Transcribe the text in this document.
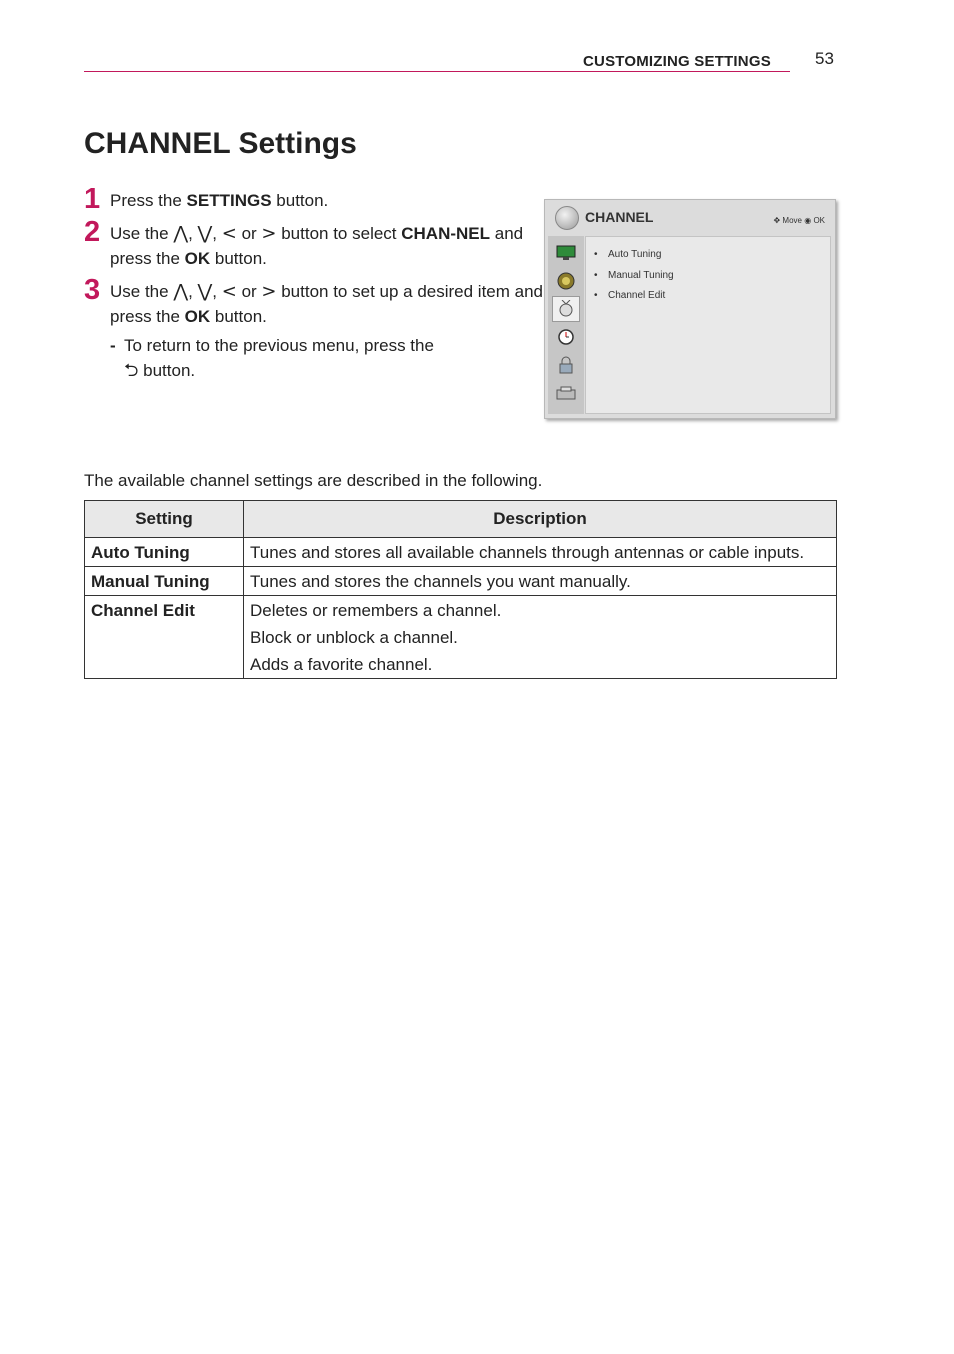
CUSTOMIZING SETTINGS	53
CHANNEL Settings
1 Press the SETTINGS button.
2 Use the ⋀, ⋁, < or > button to select CHAN-NEL and press the OK button.
3 Use the ⋀, ⋁, < or > button to set up a desired item and press the OK button.
- To return to the previous menu, press the
⮌ button.
CHANNEL	✥ Move ◉ OK
• Auto Tuning
• Manual Tuning
• Channel Edit
The available channel settings are described in the following.
Setting	Description
Auto Tuning	Tunes and stores all available channels through antennas or cable inputs.

Manual Tuning	Tunes and stores the channels you want manually.

Channel Edit	Deletes or remembers a channel.
Block or unblock a channel.
Adds a favorite channel.
